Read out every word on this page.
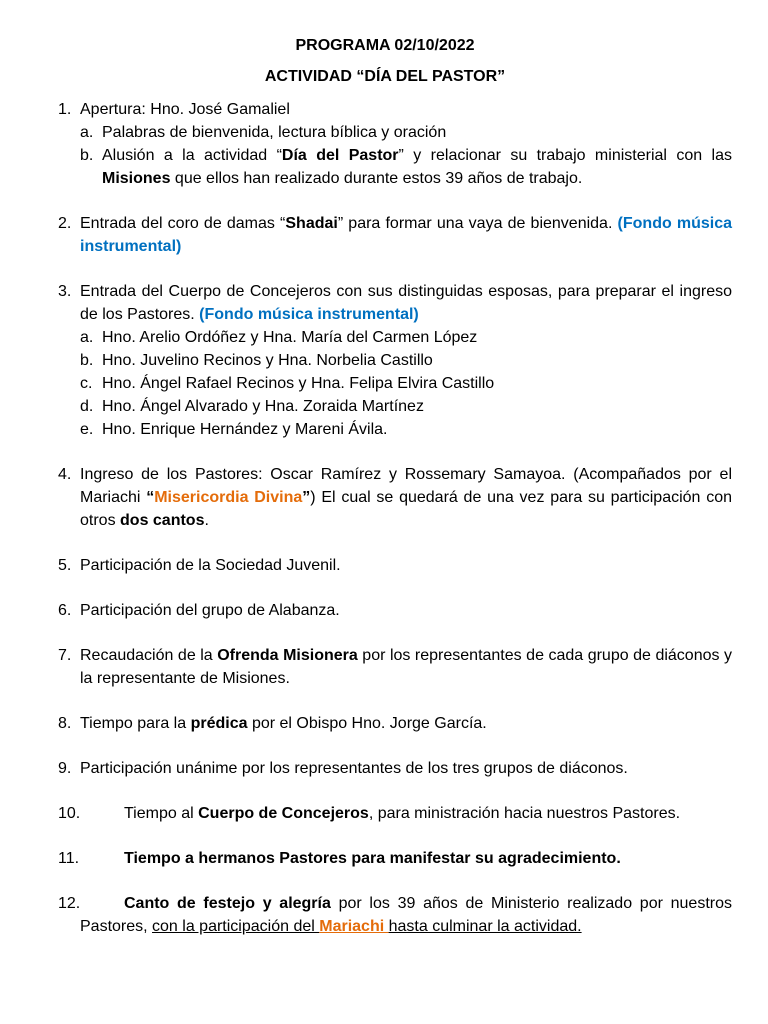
PROGRAMA 02/10/2022
ACTIVIDAD “DÍA DEL PASTOR”
1. Apertura: Hno. José Gamaliel
a. Palabras de bienvenida, lectura bíblica y oración
b. Alusión a la actividad “Día del Pastor” y relacionar su trabajo ministerial con las Misiones que ellos han realizado durante estos 39 años de trabajo.
2. Entrada del coro de damas “Shadai” para formar una vaya de bienvenida. (Fondo música instrumental)
3. Entrada del Cuerpo de Concejeros con sus distinguidas esposas, para preparar el ingreso de los Pastores. (Fondo música instrumental)
a. Hno. Arelio Ordóñez y Hna. María del Carmen López
b. Hno. Juvelino Recinos y Hna. Norbelia Castillo
c. Hno. Ángel Rafael Recinos y Hna. Felipa Elvira Castillo
d. Hno. Ángel Alvarado y Hna. Zoraida Martínez
e. Hno. Enrique Hernández y Mareni Ávila.
4. Ingreso de los Pastores: Oscar Ramírez y Rossemary Samayoa. (Acompañados por el Mariachi “Misericordia Divina”) El cual se quedará de una vez para su participación con otros dos cantos.
5. Participación de la Sociedad Juvenil.
6. Participación del grupo de Alabanza.
7. Recaudación de la Ofrenda Misionera por los representantes de cada grupo de diáconos y la representante de Misiones.
8. Tiempo para la prédica por el Obispo Hno. Jorge García.
9. Participación unánime por los representantes de los tres grupos de diáconos.
10.	Tiempo al Cuerpo de Concejeros, para ministración hacia nuestros Pastores.
11.	Tiempo a hermanos Pastores para manifestar su agradecimiento.
12.	Canto de festejo y alegría por los 39 años de Ministerio realizado por nuestros Pastores, con la participación del Mariachi hasta culminar la actividad.
